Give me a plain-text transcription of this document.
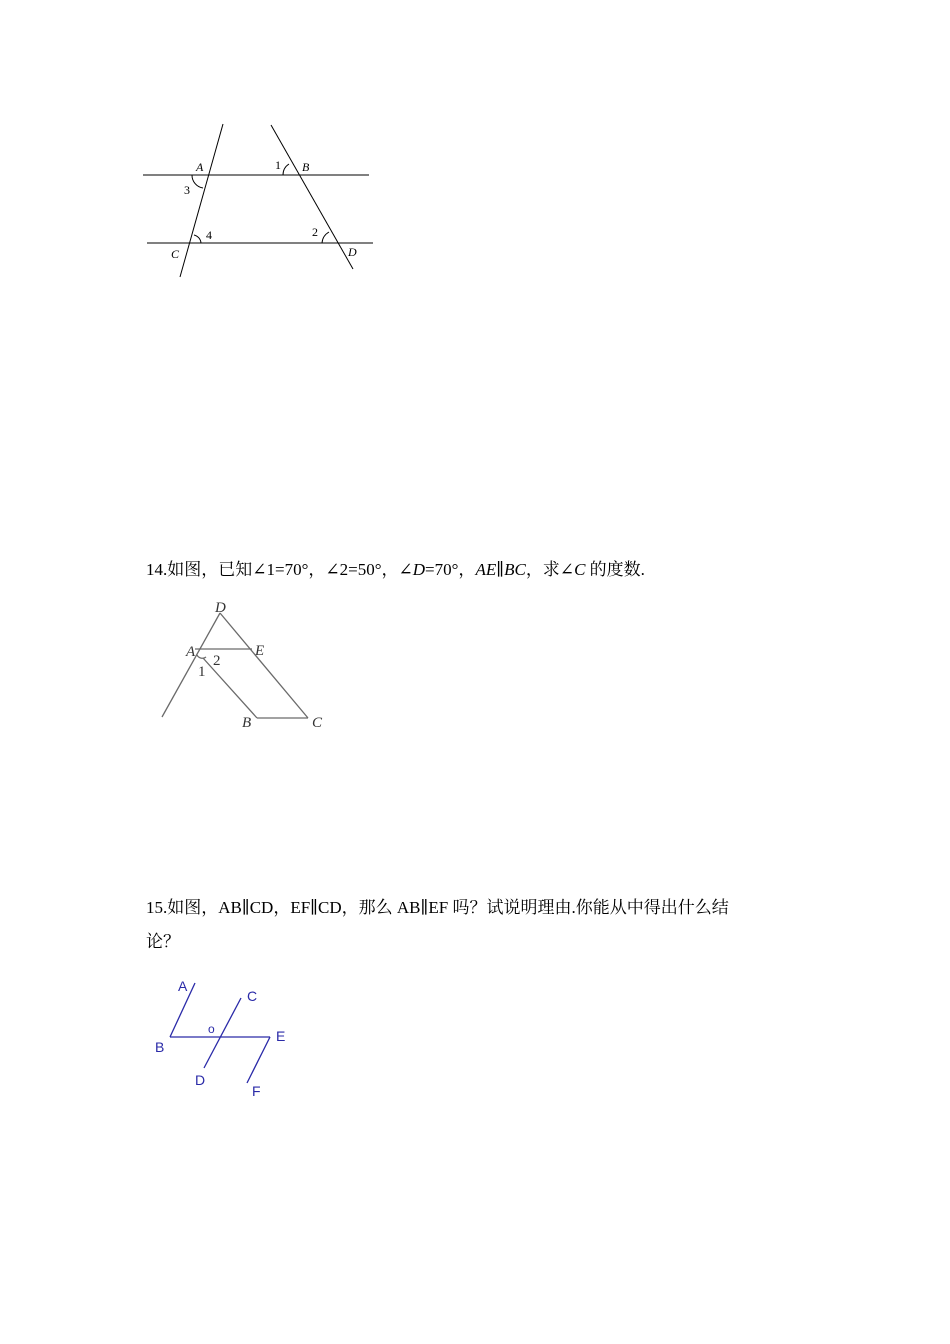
A	B
C	D
1
2
3
4
14.如图，已知∠1=70°，∠2=50°，∠D=70°，AE∥BC，求∠C 的度数.
D
A	E
B	C
1
2
15.如图，AB∥CD，EF∥CD，那么 AB∥EF 吗？试说明理由.你能从中得出什么结
论？
A
C
B
E
D
F
o
